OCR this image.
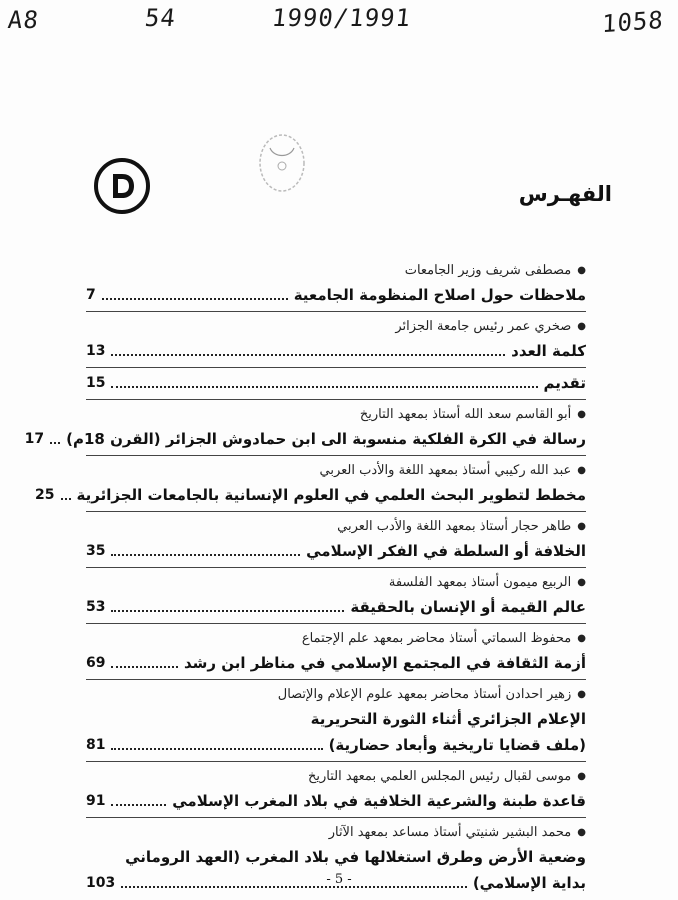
A8	54	1990/1991	1058
الفهـرس
●
مصطفى شريف وزير الجامعات
ملاحظات حول اصلاح المنظومة الجامعية
7
●
صخري عمر رئيس جامعة الجزائر
كلمة العدد
13
تقديم
15
●
أبو القاسم سعد الله أستاذ بمعهد التاريخ
رسالة في الكرة الفلكية منسوبة الى ابن حمادوش الجزائر (القرن 18م)
17
●
عبد الله ركيبي أستاذ بمعهد اللغة والأدب العربي
مخطط لتطوير البحث العلمي في العلوم الإنسانية بالجامعات الجزائرية
25
●
طاهر حجار أستاذ بمعهد اللغة والأدب العربي
الخلافة أو السلطة في الفكر الإسلامي
35
●
الربيع ميمون أستاذ بمعهد الفلسفة
عالم القيمة أو الإنسان بالحقيقة
53
●
محفوظ السماتي أستاذ محاضر بمعهد علم الإجتماع
أزمة الثقافة في المجتمع الإسلامي في مناظر ابن رشد
69
●
زهير احدادن أستاذ محاضر بمعهد علوم الإعلام والإتصال
الإعلام الجزائري أثناء الثورة التحريرية
(ملف قضايا تاريخية وأبعاد حضارية)
81
●
موسى لقبال رئيس المجلس العلمي بمعهد التاريخ
قاعدة طبنة والشرعية الخلافية في بلاد المغرب الإسلامي
91
●
محمد البشير شنيتي أستاذ مساعد بمعهد الآثار
وضعية الأرض وطرق استغلالها في بلاد المغرب (العهد الروماني
بداية الإسلامي)
103	- 5 -
